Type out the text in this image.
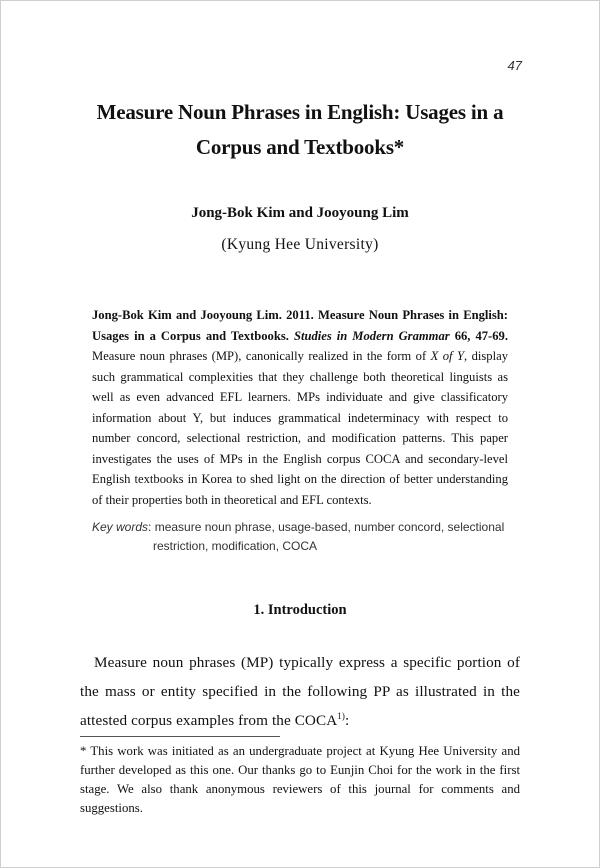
47
Measure Noun Phrases in English: Usages in a
Corpus and Textbooks*
Jong-Bok Kim and Jooyoung Lim
(Kyung Hee University)

Jong-Bok Kim and Jooyoung Lim. 2011. Measure Noun Phrases in English: Usages in a Corpus and Textbooks. Studies in Modern Grammar 66, 47-69. Measure noun phrases (MP), canonically realized in the form of X of Y, display such grammatical complexities that they challenge both theoretical linguists as well as even advanced EFL learners. MPs individuate and give classificatory information about Y, but induces grammatical indeterminacy with respect to number concord, selectional restriction, and modification patterns. This paper investigates the uses of MPs in the English corpus COCA and secondary-level English textbooks in Korea to shed light on the direction of better understanding of their properties both in theoretical and EFL contexts.

Key words: measure noun phrase, usage-based, number concord, selectional
restriction, modification, COCA
1. Introduction

Measure noun phrases (MP) typically express a specific portion of the mass or entity specified in the following PP as illustrated in the attested corpus examples from the COCA$^{1)}$:

* This work was initiated as an undergraduate project at Kyung Hee University and further developed as this one. Our thanks go to Eunjin Choi for the work in the first stage. We also thank anonymous reviewers of this journal for comments and suggestions.
